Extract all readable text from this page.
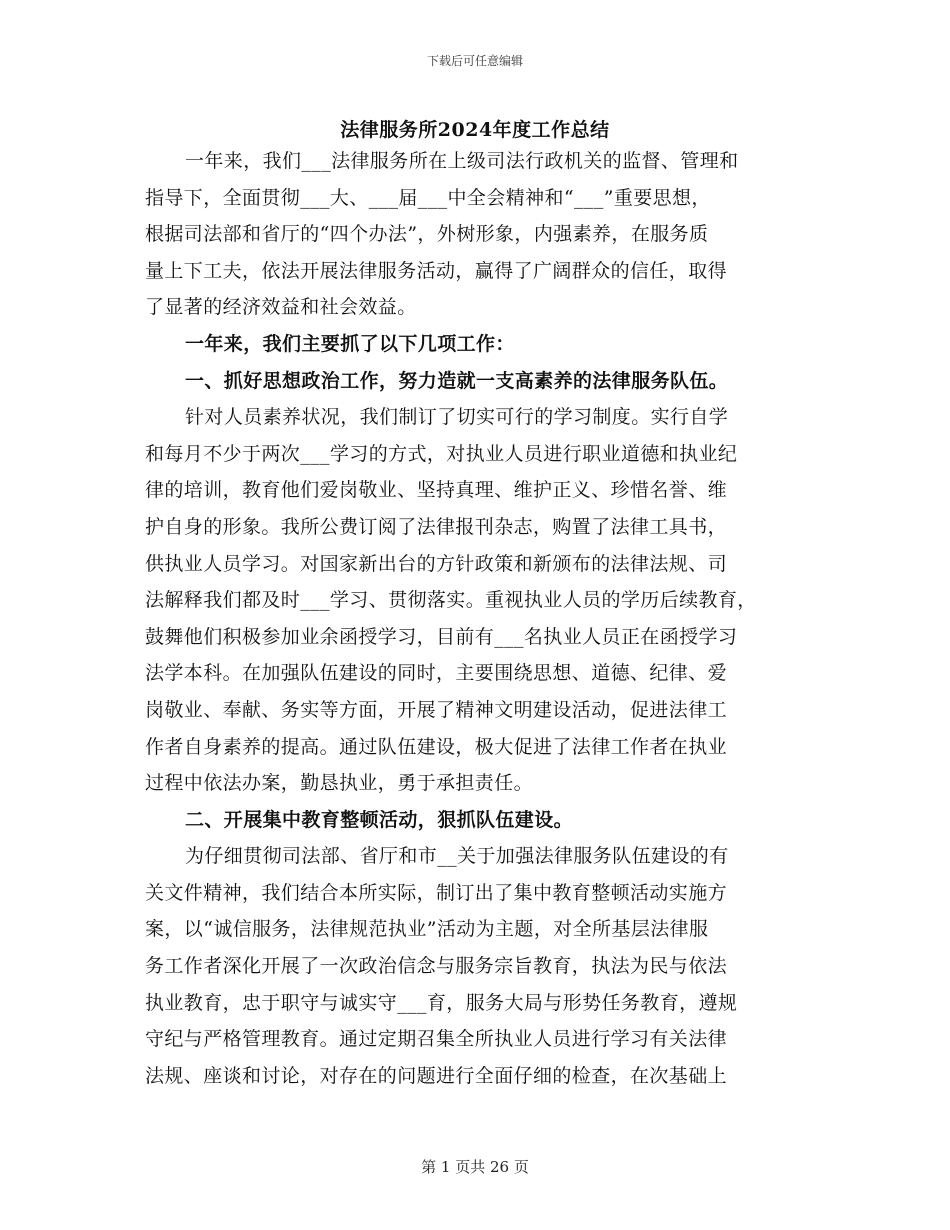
下载后可任意编辑
法律服务所2024年度工作总结
一年来，我们___法律服务所在上级司法行政机关的监督、管理和
指导下，全面贯彻___大、___届___中全会精神和“___”重要思想，
根据司法部和省厅的“四个办法”，外树形象，内强素养，在服务质
量上下工夫，依法开展法律服务活动，赢得了广阔群众的信任，取得
了显著的经济效益和社会效益。
一年来，我们主要抓了以下几项工作：
一、抓好思想政治工作，努力造就一支高素养的法律服务队伍。
针对人员素养状况，我们制订了切实可行的学习制度。实行自学
和每月不少于两次___学习的方式，对执业人员进行职业道德和执业纪
律的培训，教育他们爱岗敬业、坚持真理、维护正义、珍惜名誉、维
护自身的形象。我所公费订阅了法律报刊杂志，购置了法律工具书，
供执业人员学习。对国家新出台的方针政策和新颁布的法律法规、司
法解释我们都及时___学习、贯彻落实。重视执业人员的学历后续教育，
鼓舞他们积极参加业余函授学习，目前有___名执业人员正在函授学习
法学本科。在加强队伍建设的同时，主要围绕思想、道德、纪律、爱
岗敬业、奉献、务实等方面，开展了精神文明建设活动，促进法律工
作者自身素养的提高。通过队伍建设，极大促进了法律工作者在执业
过程中依法办案，勤恳执业，勇于承担责任。
二、开展集中教育整顿活动，狠抓队伍建设。
为仔细贯彻司法部、省厅和市__关于加强法律服务队伍建设的有
关文件精神，我们结合本所实际，制订出了集中教育整顿活动实施方
案，以“诚信服务，法律规范执业”活动为主题，对全所基层法律服
务工作者深化开展了一次政治信念与服务宗旨教育，执法为民与依法
执业教育，忠于职守与诚实守___育，服务大局与形势任务教育，遵规
守纪与严格管理教育。通过定期召集全所执业人员进行学习有关法律
法规、座谈和讨论，对存在的问题进行全面仔细的检查，在次基础上
第 1 页共 26 页
